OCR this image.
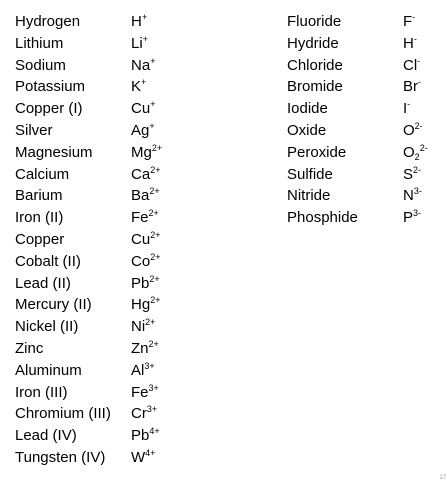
Hydrogen	H+
Lithium	Li+
Sodium	Na+
Potassium	K+
Copper (I)	Cu+
Silver	Ag+
Magnesium	$Mg^{2+}$
Calcium	$Ca^{2+}$
Barium	$Ba^{2+}$
Iron (II)	$Fe^{2+}$
Copper	$Cu^{2+}$
Cobalt (II)	$Co^{2+}$
Lead (II)	$Pb^{2+}$
Mercury (II)	$Hg^{2+}$
Nickel (II)	$Ni^{2+}$
Zinc	$Zn^{2+}$
Aluminum	$Al^{3+}$
Iron (III)	$Fe^{3+}$
Chromium (III) $Cr^{3+}$
Lead (IV)	$Pb^{4+}$
Tungsten (IV) $W^{4+}$
Fluoride	F-
Hydride	H-
Chloride	Cl-
Bromide	Br-
Iodide	I-
Oxide	$O^{2-}$
Peroxide	$O_2^{2-}$
Sulfide	$S^{2-}$
Nitride	$N^{3-}$
Phosphide	$P^{3-}$
17
